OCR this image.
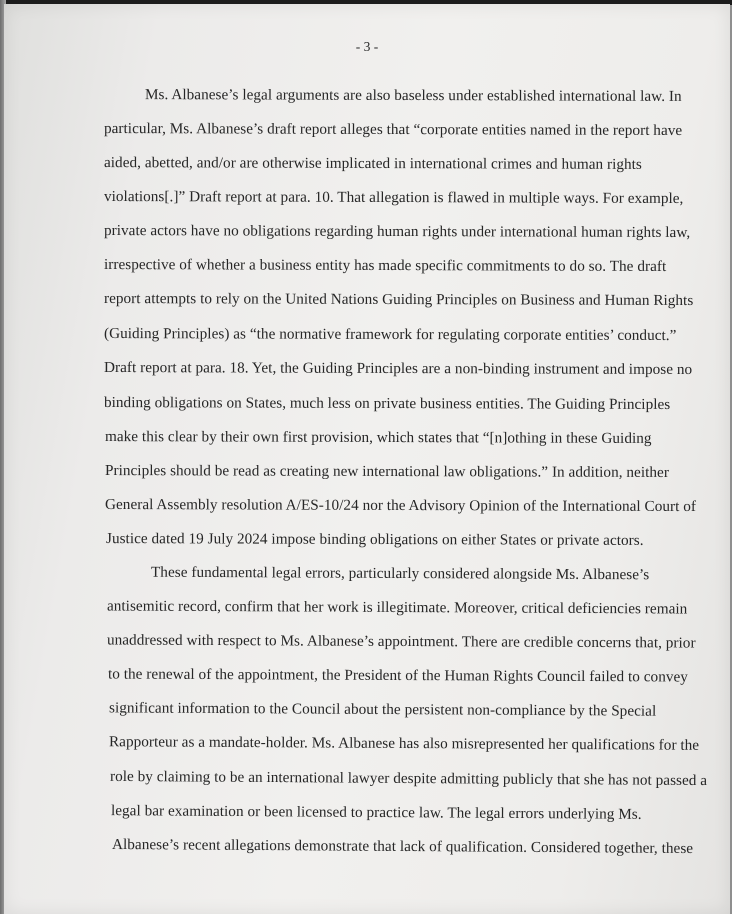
- 3 -
Ms. Albanese’s legal arguments are also baseless under established international law. In
particular, Ms. Albanese’s draft report alleges that “corporate entities named in the report have
aided, abetted, and/or are otherwise implicated in international crimes and human rights
violations[.]” Draft report at para. 10. That allegation is flawed in multiple ways. For example,
private actors have no obligations regarding human rights under international human rights law,
irrespective of whether a business entity has made specific commitments to do so. The draft
report attempts to rely on the United Nations Guiding Principles on Business and Human Rights
(Guiding Principles) as “the normative framework for regulating corporate entities’ conduct.”
Draft report at para. 18. Yet, the Guiding Principles are a non-binding instrument and impose no
binding obligations on States, much less on private business entities. The Guiding Principles
make this clear by their own first provision, which states that “[n]othing in these Guiding
Principles should be read as creating new international law obligations.” In addition, neither
General Assembly resolution A/ES-10/24 nor the Advisory Opinion of the International Court of
Justice dated 19 July 2024 impose binding obligations on either States or private actors.
These fundamental legal errors, particularly considered alongside Ms. Albanese’s
antisemitic record, confirm that her work is illegitimate. Moreover, critical deficiencies remain
unaddressed with respect to Ms. Albanese’s appointment. There are credible concerns that, prior
to the renewal of the appointment, the President of the Human Rights Council failed to convey
significant information to the Council about the persistent non-compliance by the Special
Rapporteur as a mandate-holder. Ms. Albanese has also misrepresented her qualifications for the
role by claiming to be an international lawyer despite admitting publicly that she has not passed a
legal bar examination or been licensed to practice law. The legal errors underlying Ms.
Albanese’s recent allegations demonstrate that lack of qualification. Considered together, these
